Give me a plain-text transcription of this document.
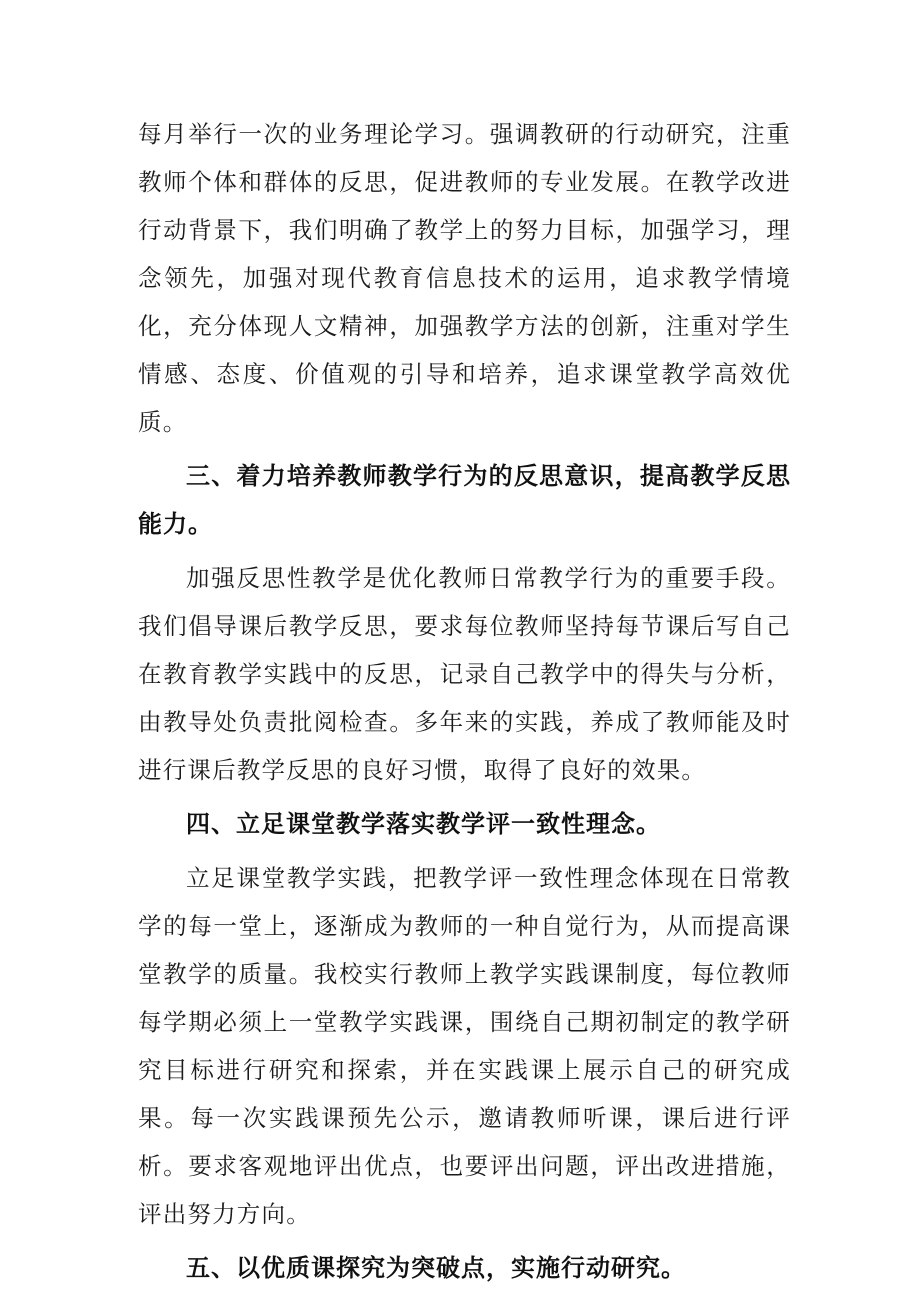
每月举行一次的业务理论学习。强调教研的行动研究，注重教师个体和群体的反思，促进教师的专业发展。在教学改进行动背景下，我们明确了教学上的努力目标，加强学习，理念领先，加强对现代教育信息技术的运用，追求教学情境化，充分体现人文精神，加强教学方法的创新，注重对学生情感、态度、价值观的引导和培养，追求课堂教学高效优质。

三、着力培养教师教学行为的反思意识，提高教学反思能力。

加强反思性教学是优化教师日常教学行为的重要手段。我们倡导课后教学反思，要求每位教师坚持每节课后写自己在教育教学实践中的反思，记录自己教学中的得失与分析，由教导处负责批阅检查。多年来的实践，养成了教师能及时进行课后教学反思的良好习惯，取得了良好的效果。

四、立足课堂教学落实教学评一致性理念。

立足课堂教学实践，把教学评一致性理念体现在日常教学的每一堂上，逐渐成为教师的一种自觉行为，从而提高课堂教学的质量。我校实行教师上教学实践课制度，每位教师每学期必须上一堂教学实践课，围绕自己期初制定的教学研究目标进行研究和探索，并在实践课上展示自己的研究成果。每一次实践课预先公示，邀请教师听课，课后进行评析。要求客观地评出优点，也要评出问题，评出改进措施，评出努力方向。

五、以优质课探究为突破点，实施行动研究。
